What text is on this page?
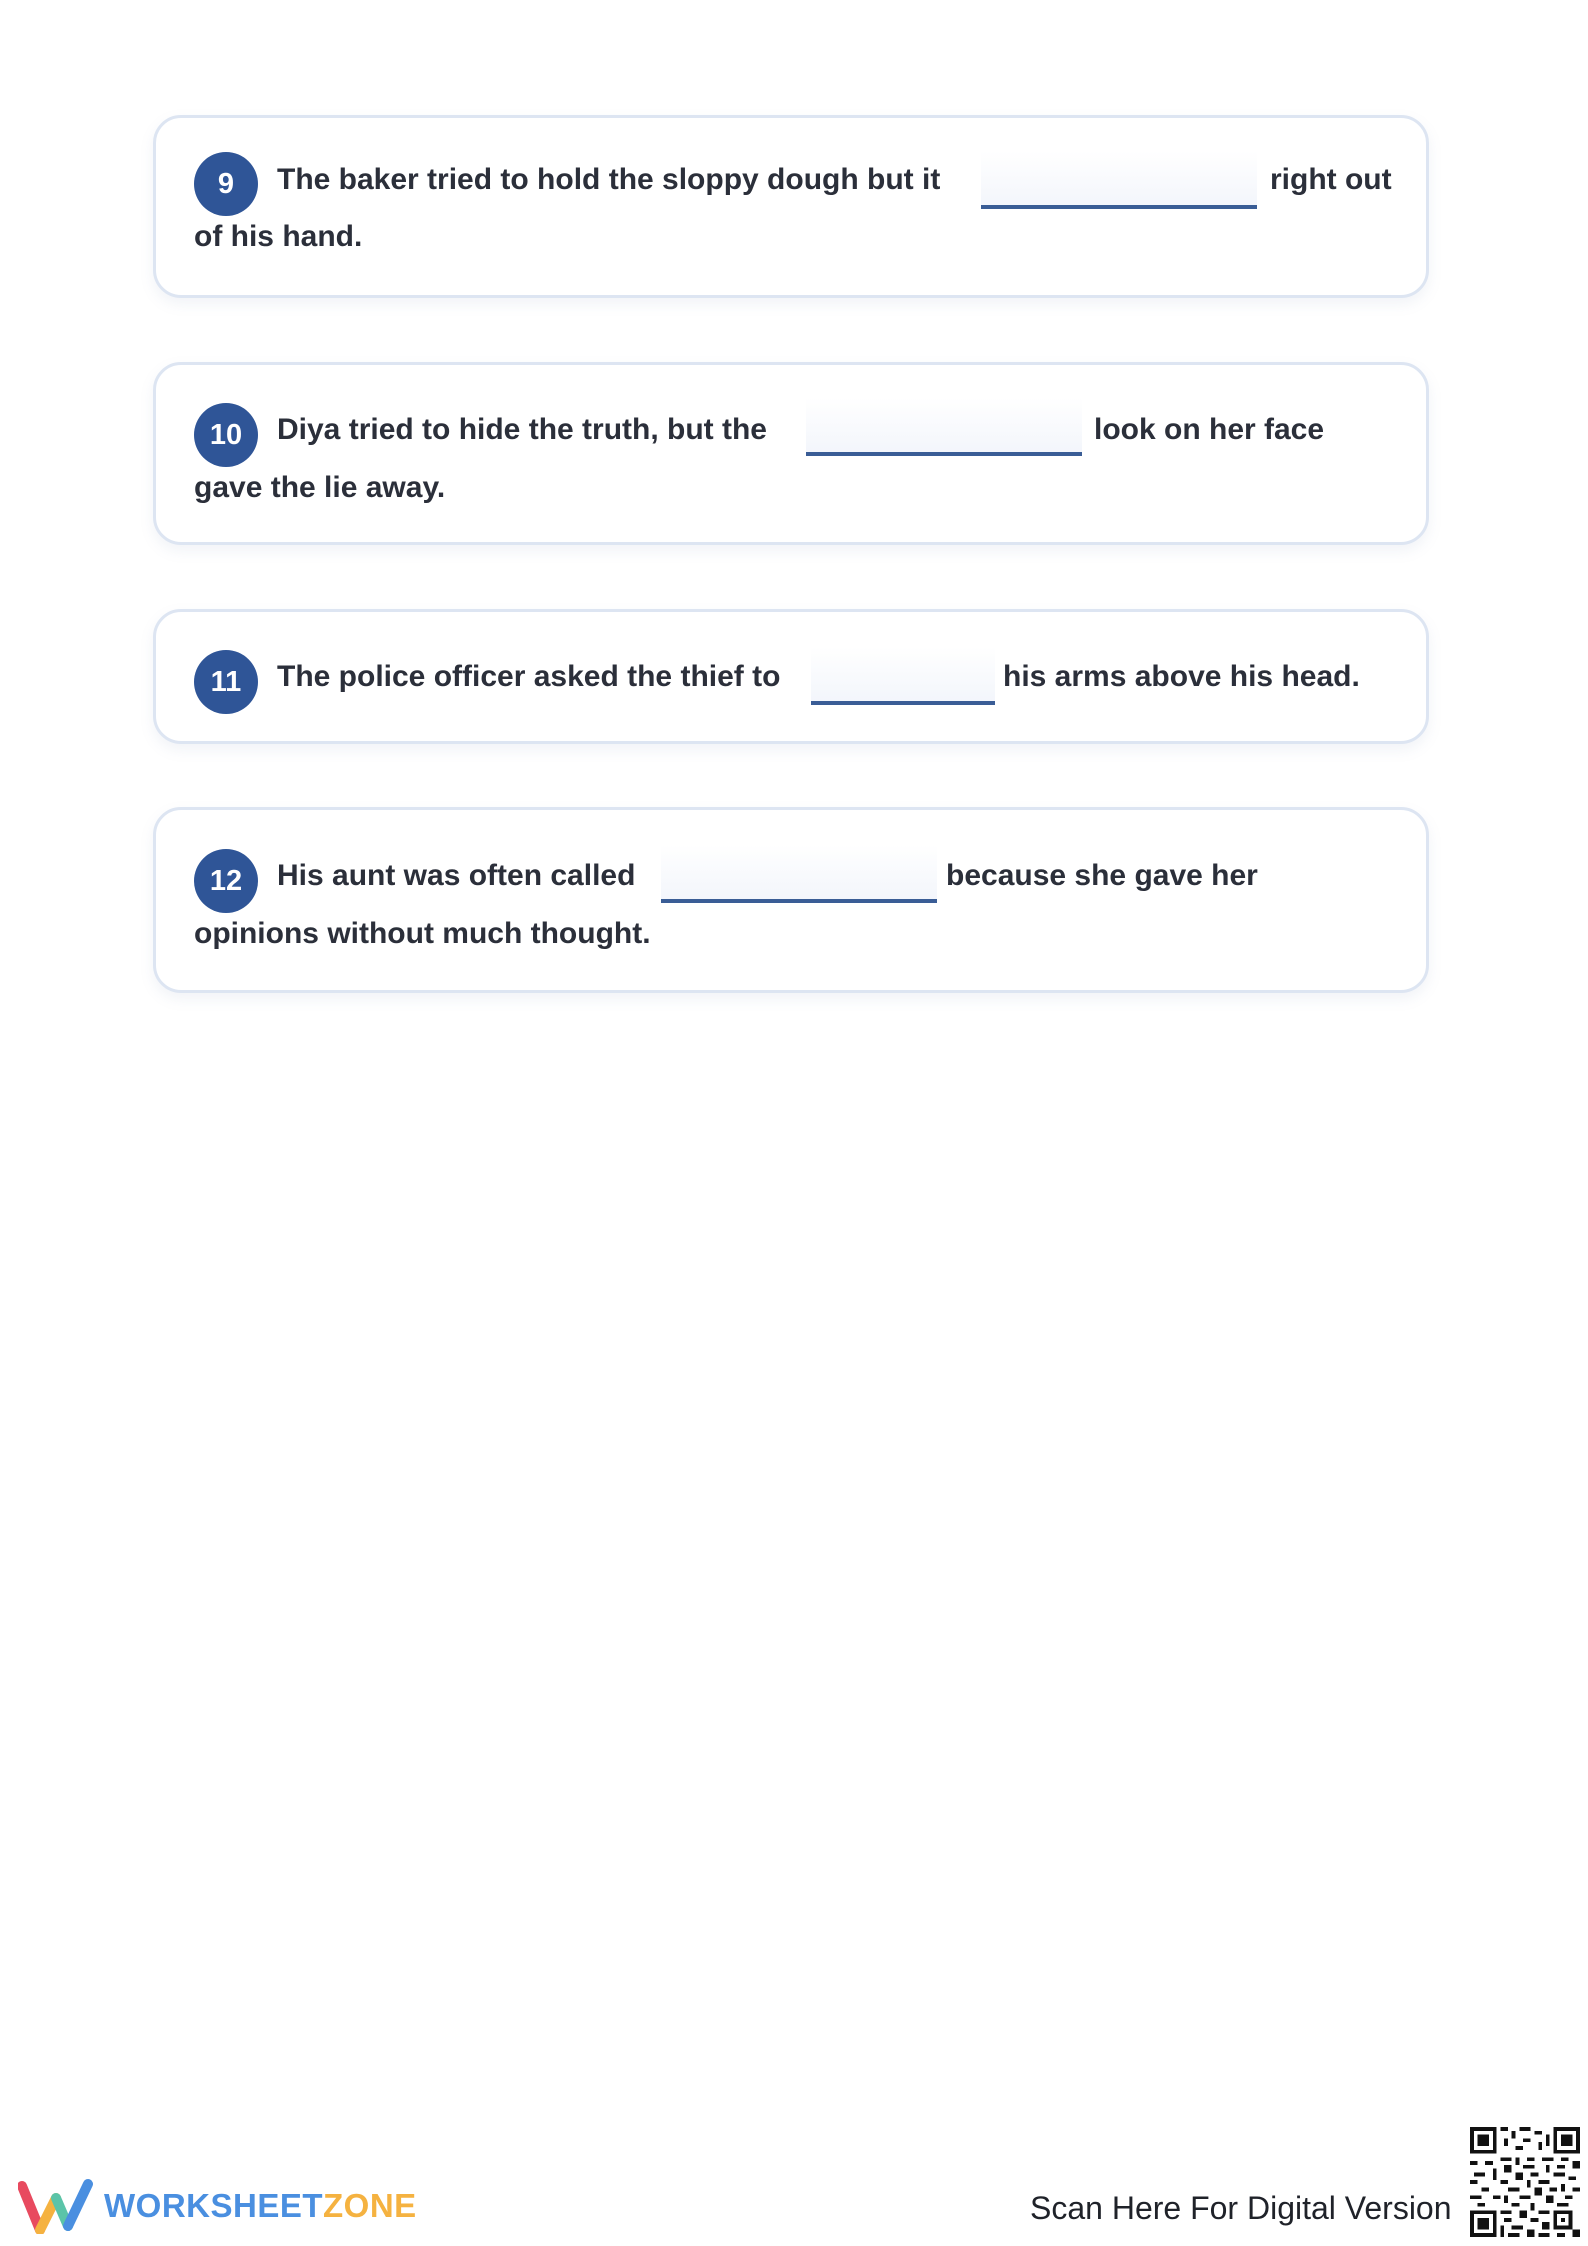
9	The baker tried to hold the sloppy dough but it	right out
of his hand.
10	Diya tried to hide the truth, but the	look on her face
gave the lie away.
11	The police officer asked the thief to	his arms above his head.
12	His aunt was often called	because she gave her
opinions without much thought.
WORKSHEETZONE	Scan Here For Digital Version
